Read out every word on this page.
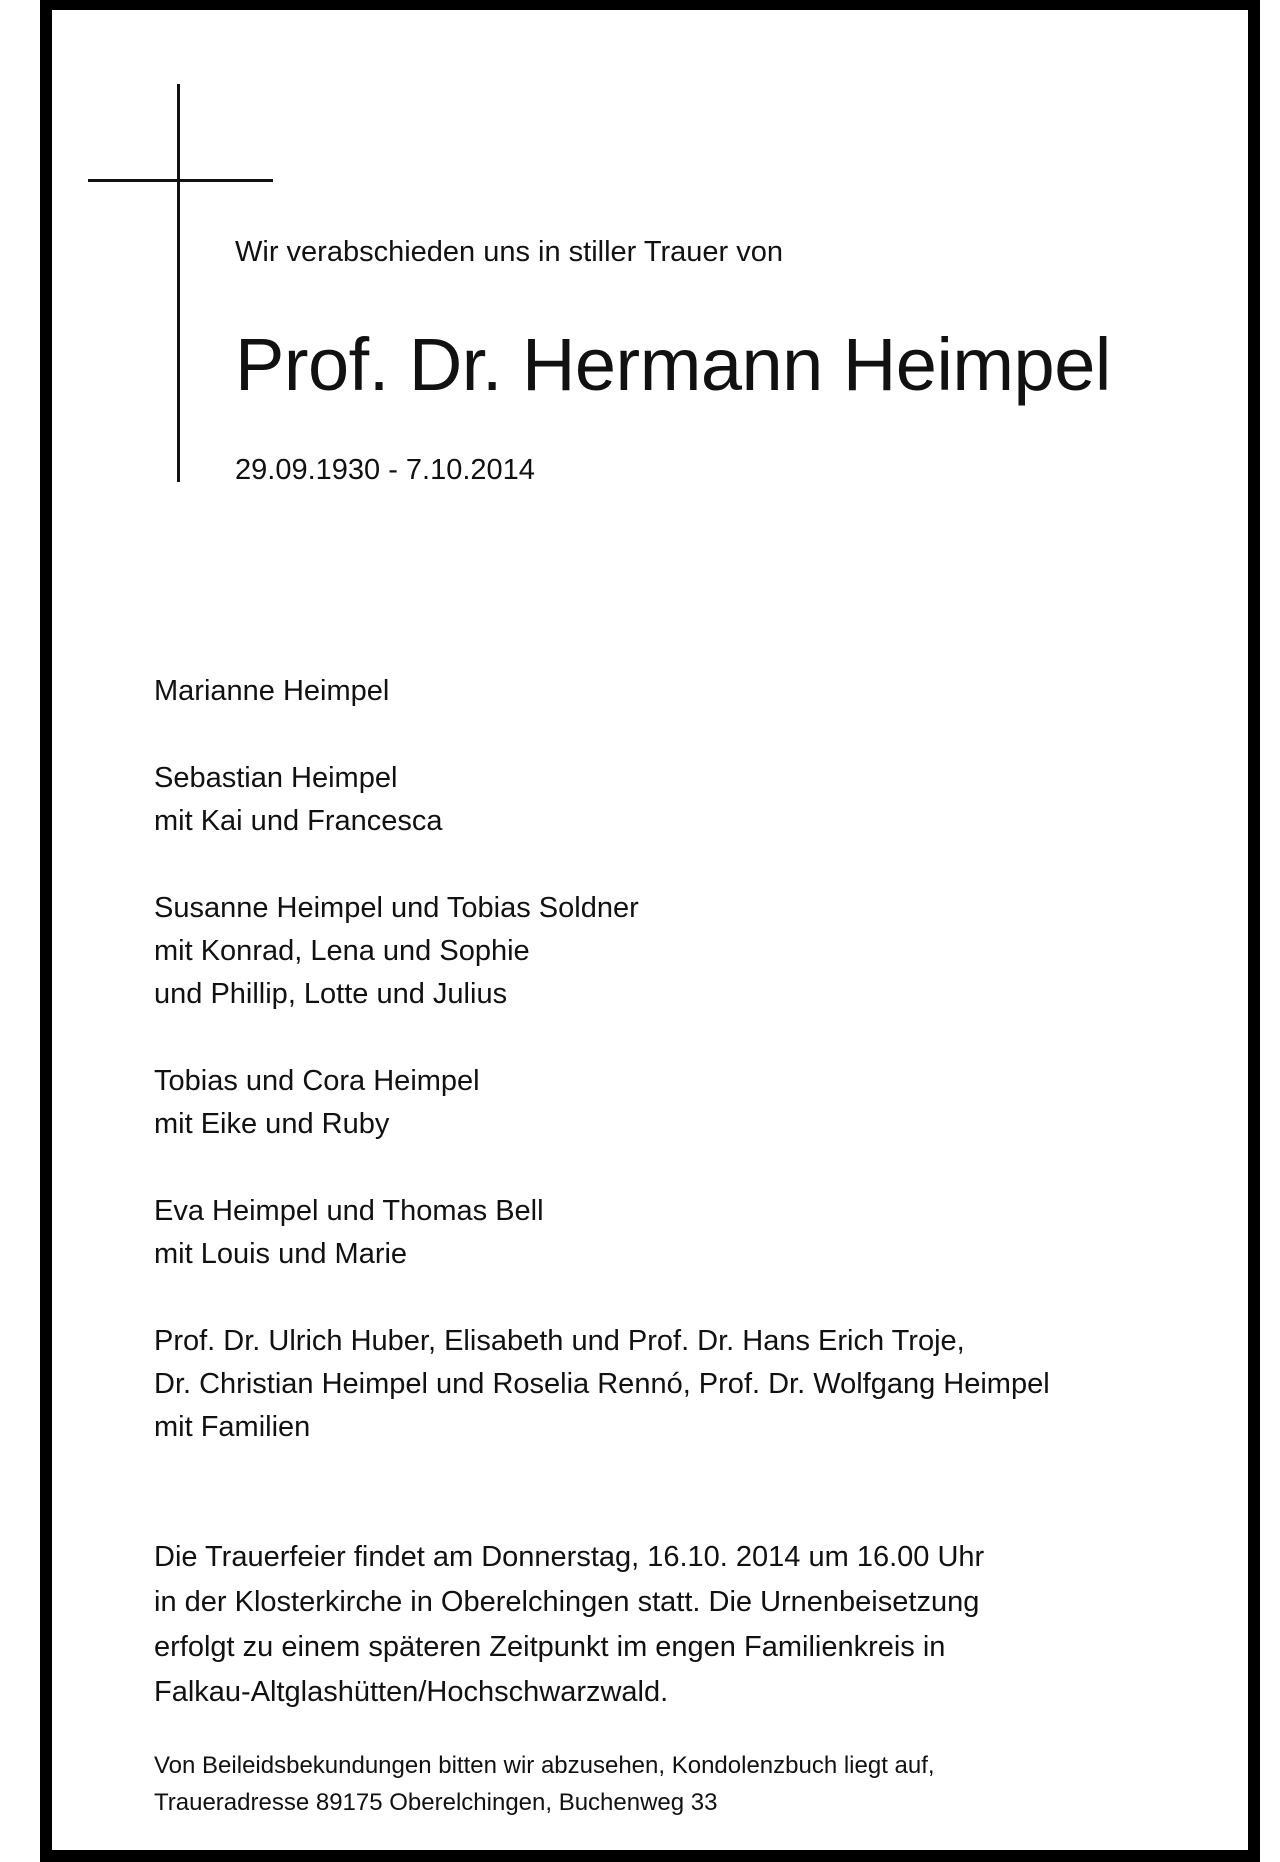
Wir verabschieden uns in stiller Trauer von
Prof. Dr. Hermann Heimpel
29.09.1930 - 7.10.2014
Marianne Heimpel
Sebastian Heimpel
mit Kai und Francesca
Susanne Heimpel und Tobias Soldner
mit Konrad, Lena und Sophie
und Phillip, Lotte und Julius
Tobias und Cora Heimpel
mit Eike und Ruby
Eva Heimpel und Thomas Bell
mit Louis und Marie
Prof. Dr. Ulrich Huber, Elisabeth und Prof. Dr. Hans Erich Troje,
Dr. Christian Heimpel und Roselia Rennó, Prof. Dr. Wolfgang Heimpel
mit Familien
Die Trauerfeier findet am Donnerstag, 16.10. 2014 um 16.00 Uhr
in der Klosterkirche in Oberelchingen statt. Die Urnenbeisetzung
erfolgt zu einem späteren Zeitpunkt im engen Familienkreis in
Falkau-Altglashütten/Hochschwarzwald.
Von Beileidsbekundungen bitten wir abzusehen, Kondolenzbuch liegt auf,
Traueradresse 89175 Oberelchingen, Buchenweg 33
